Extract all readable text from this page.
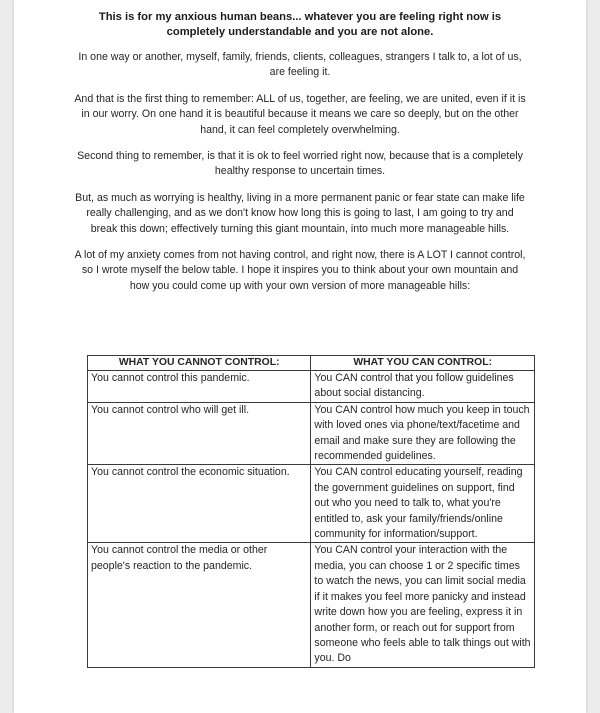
This is for my anxious human beans... whatever you are feeling right now is completely understandable and you are not alone.

In one way or another, myself, family, friends, clients, colleagues, strangers I talk to, a lot of us, are feeling it.

And that is the first thing to remember: ALL of us, together, are feeling, we are united, even if it is in our worry. On one hand it is beautiful because it means we care so deeply, but on the other hand, it can feel completely overwhelming.

Second thing to remember, is that it is ok to feel worried right now, because that is a completely healthy response to uncertain times.

But, as much as worrying is healthy, living in a more permanent panic or fear state can make life really challenging, and as we don't know how long this is going to last, I am going to try and break this down; effectively turning this giant mountain, into much more manageable hills.

A lot of my anxiety comes from not having control, and right now, there is A LOT I cannot control, so I wrote myself the below table. I hope it inspires you to think about your own mountain and how you could come up with your own version of more manageable hills:

WHAT YOU CANNOT CONTROL:	WHAT YOU CAN CONTROL:
You cannot control this pandemic.	You CAN control that you follow guidelines about social distancing.
You cannot control who will get ill.	You CAN control how much you keep in touch with loved ones via phone/text/facetime and email and make sure they are following the recommended guidelines.
You cannot control the economic situation.	You CAN control educating yourself, reading the government guidelines on support, find out who you need to talk to, what you're entitled to, ask your family/friends/online community for information/support.
You cannot control the media or other people's reaction to the pandemic.	You CAN control your interaction with the media, you can choose 1 or 2 specific times to watch the news, you can limit social media if it makes you feel more panicky and instead write down how you are feeling, express it in another form, or reach out for support from someone who feels able to talk things out with you. Do
